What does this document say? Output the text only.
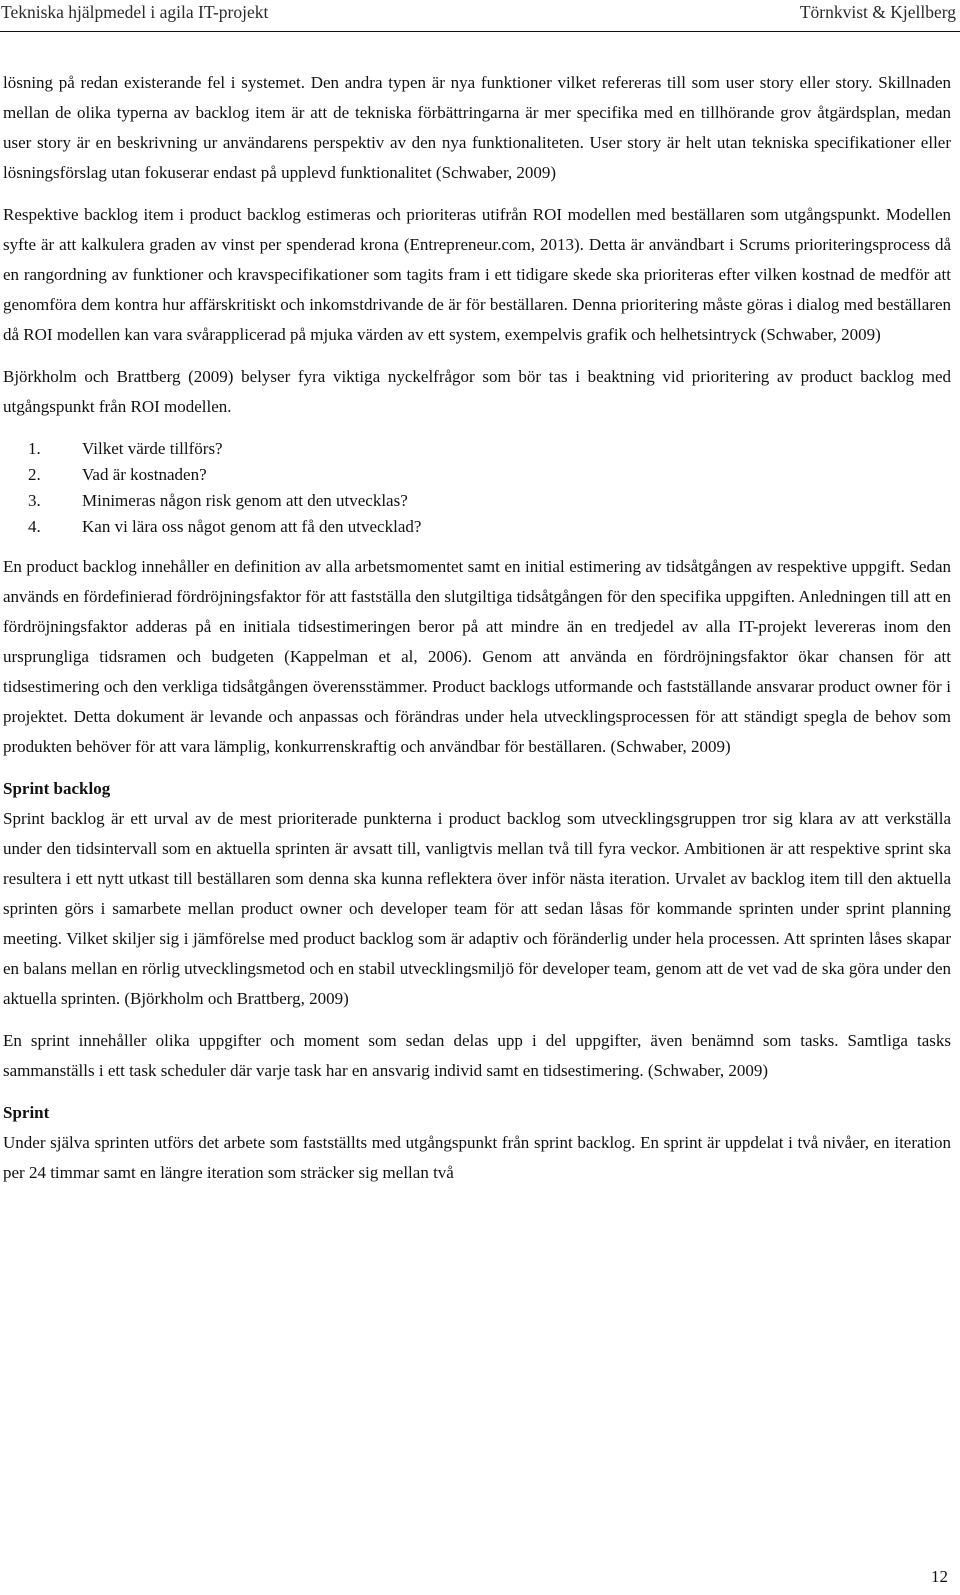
Tekniska hjälpmedel i agila IT-projekt	Törnkvist & Kjellberg

lösning på redan existerande fel i systemet. Den andra typen är nya funktioner vilket refereras till som user story eller story. Skillnaden mellan de olika typerna av backlog item är att de tekniska förbättringarna är mer specifika med en tillhörande grov åtgärdsplan, medan user story är en beskrivning ur användarens perspektiv av den nya funktionaliteten. User story är helt utan tekniska specifikationer eller lösningsförslag utan fokuserar endast på upplevd funktionalitet (Schwaber, 2009)

Respektive backlog item i product backlog estimeras och prioriteras utifrån ROI modellen med beställaren som utgångspunkt. Modellen syfte är att kalkulera graden av vinst per spenderad krona (Entrepreneur.com, 2013). Detta är användbart i Scrums prioriteringsprocess då en rangordning av funktioner och kravspecifikationer som tagits fram i ett tidigare skede ska prioriteras efter vilken kostnad de medför att genomföra dem kontra hur affärskritiskt och inkomstdrivande de är för beställaren. Denna prioritering måste göras i dialog med beställaren då ROI modellen kan vara svårapplicerad på mjuka värden av ett system, exempelvis grafik och helhetsintryck (Schwaber, 2009)

Björkholm och Brattberg (2009) belyser fyra viktiga nyckelfrågor som bör tas i beaktning vid prioritering av product backlog med utgångspunkt från ROI modellen.

1.	Vilket värde tillförs?
2.	Vad är kostnaden?
3.	Minimeras någon risk genom att den utvecklas?
4.	Kan vi lära oss något genom att få den utvecklad?

En product backlog innehåller en definition av alla arbetsmomentet samt en initial estimering av tidsåtgången av respektive uppgift. Sedan används en fördefinierad fördröjningsfaktor för att fastställa den slutgiltiga tidsåtgången för den specifika uppgiften. Anledningen till att en fördröjningsfaktor adderas på en initiala tidsestimeringen beror på att mindre än en tredjedel av alla IT-projekt levereras inom den ursprungliga tidsramen och budgeten (Kappelman et al, 2006). Genom att använda en fördröjningsfaktor ökar chansen för att tidsestimering och den verkliga tidsåtgången överensstämmer. Product backlogs utformande och fastställande ansvarar product owner för i projektet. Detta dokument är levande och anpassas och förändras under hela utvecklingsprocessen för att ständigt spegla de behov som produkten behöver för att vara lämplig, konkurrenskraftig och användbar för beställaren. (Schwaber, 2009)

Sprint backlog

Sprint backlog är ett urval av de mest prioriterade punkterna i product backlog som utvecklingsgruppen tror sig klara av att verkställa under den tidsintervall som en aktuella sprinten är avsatt till, vanligtvis mellan två till fyra veckor. Ambitionen är att respektive sprint ska resultera i ett nytt utkast till beställaren som denna ska kunna reflektera över inför nästa iteration. Urvalet av backlog item till den aktuella sprinten görs i samarbete mellan product owner och developer team för att sedan låsas för kommande sprinten under sprint planning meeting. Vilket skiljer sig i jämförelse med product backlog som är adaptiv och föränderlig under hela processen. Att sprinten låses skapar en balans mellan en rörlig utvecklingsmetod och en stabil utvecklingsmiljö för developer team, genom att de vet vad de ska göra under den aktuella sprinten. (Björkholm och Brattberg, 2009)

En sprint innehåller olika uppgifter och moment som sedan delas upp i del uppgifter, även benämnd som tasks. Samtliga tasks sammanställs i ett task scheduler där varje task har en ansvarig individ samt en tidsestimering. (Schwaber, 2009)

Sprint

Under själva sprinten utförs det arbete som fastställts med utgångspunkt från sprint backlog. En sprint är uppdelat i två nivåer, en iteration per 24 timmar samt en längre iteration som sträcker sig mellan två

12
